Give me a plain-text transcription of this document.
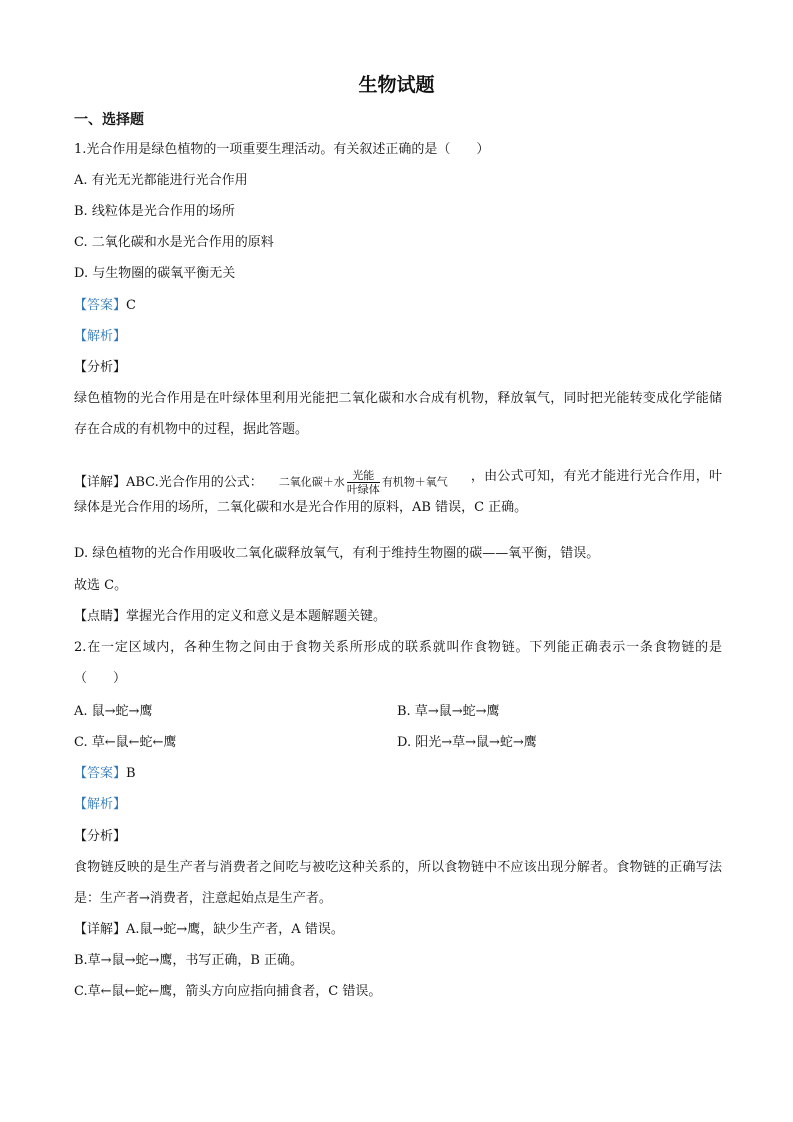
生物试题
一、选择题
1.光合作用是绿色植物的一项重要生理活动。有关叙述正确的是（　　）
A. 有光无光都能进行光合作用
B. 线粒体是光合作用的场所
C. 二氧化碳和水是光合作用的原料
D. 与生物圈的碳氧平衡无关
【答案】C
【解析】
【分析】
绿色植物的光合作用是在叶绿体里利用光能把二氧化碳和水合成有机物，释放氧气，同时把光能转变成化学能储存在合成的有机物中的过程，据此答题。
【详解】ABC.光合作用的公式： 二氧化碳＋水 光能
叶绿体
有机物＋氧气	，由公式可知，有光才能进行光合作用，叶绿体是光合作用的场所，二氧化碳和水是光合作用的原料，AB 错误，C 正确。
D. 绿色植物的光合作用吸收二氧化碳释放氧气，有利于维持生物圈的碳——氧平衡，错误。
故选 C。
【点睛】掌握光合作用的定义和意义是本题解题关键。
2.在一定区域内，各种生物之间由于食物关系所形成的联系就叫作食物链。下列能正确表示一条食物链的是（　　）
A. 鼠→蛇→鹰	B. 草→鼠→蛇→鹰
C. 草←鼠←蛇←鹰	D. 阳光→草→鼠→蛇→鹰
【答案】B
【解析】
【分析】
食物链反映的是生产者与消费者之间吃与被吃这种关系的，所以食物链中不应该出现分解者。食物链的正确写法是：生产者→消费者，注意起始点是生产者。
【详解】A.鼠→蛇→鹰，缺少生产者，A 错误。
B.草→鼠→蛇→鹰，书写正确，B 正确。
C.草←鼠←蛇←鹰，箭头方向应指向捕食者，C 错误。
